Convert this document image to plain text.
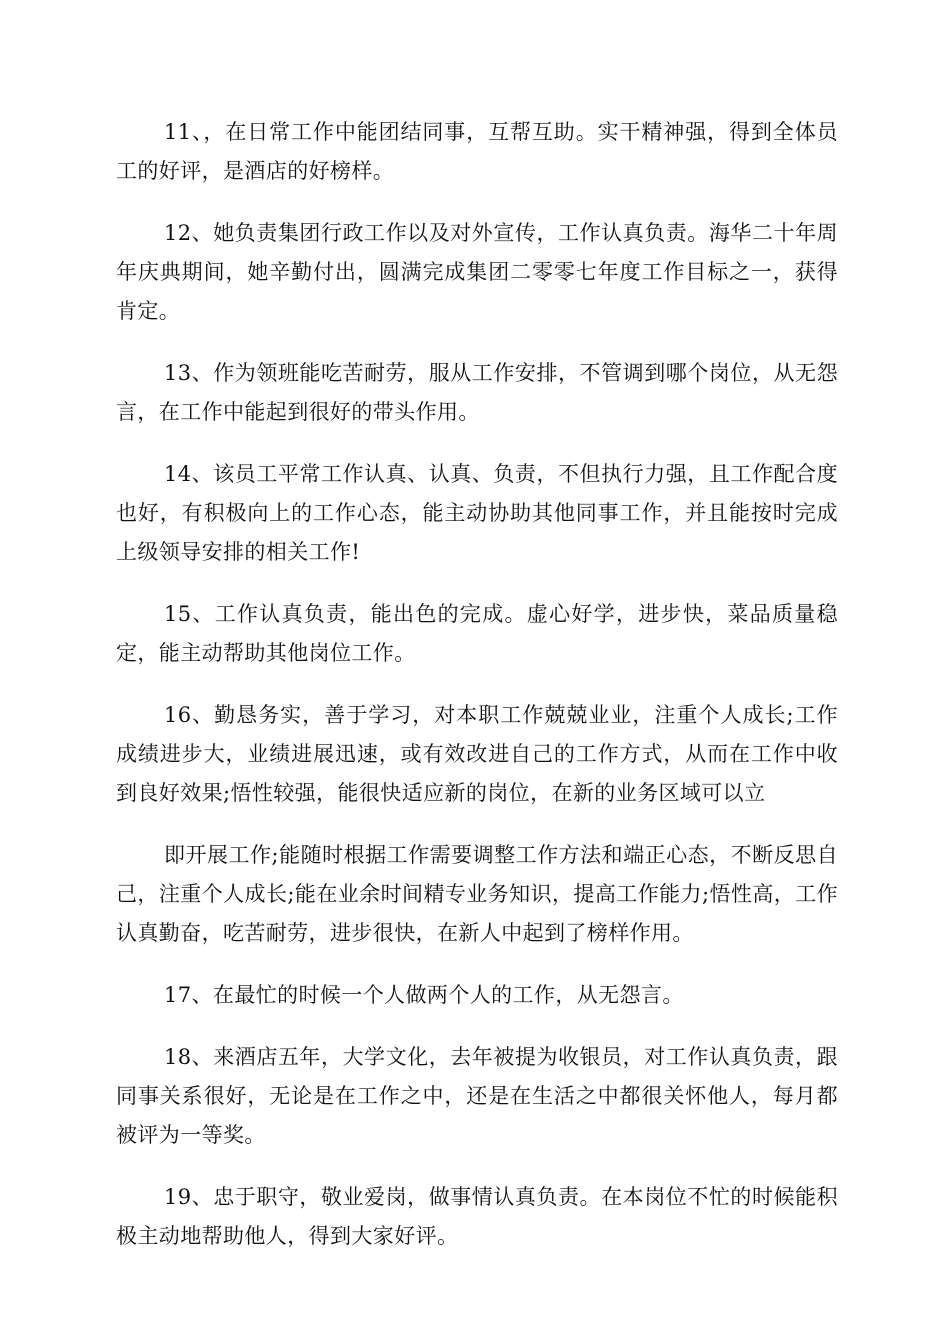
11、，在日常工作中能团结同事，互帮互助。实干精神强，得到全体员工的好评，是酒店的好榜样。

12、她负责集团行政工作以及对外宣传，工作认真负责。海华二十年周年庆典期间，她辛勤付出，圆满完成集团二零零七年度工作目标之一，获得肯定。

13、作为领班能吃苦耐劳，服从工作安排，不管调到哪个岗位，从无怨言，在工作中能起到很好的带头作用。

14、该员工平常工作认真、认真、负责，不但执行力强，且工作配合度也好，有积极向上的工作心态，能主动协助其他同事工作，并且能按时完成上级领导安排的相关工作!

15、工作认真负责，能出色的完成。虚心好学，进步快，菜品质量稳定，能主动帮助其他岗位工作。

16、勤恳务实，善于学习，对本职工作兢兢业业，注重个人成长;工作成绩进步大，业绩进展迅速，或有效改进自己的工作方式，从而在工作中收到良好效果;悟性较强，能很快适应新的岗位，在新的业务区域可以立

即开展工作;能随时根据工作需要调整工作方法和端正心态，不断反思自己，注重个人成长;能在业余时间精专业务知识，提高工作能力;悟性高，工作认真勤奋，吃苦耐劳，进步很快，在新人中起到了榜样作用。

17、在最忙的时候一个人做两个人的工作，从无怨言。

18、来酒店五年，大学文化，去年被提为收银员，对工作认真负责，跟同事关系很好，无论是在工作之中，还是在生活之中都很关怀他人，每月都被评为一等奖。

19、忠于职守，敬业爱岗，做事情认真负责。在本岗位不忙的时候能积极主动地帮助他人，得到大家好评。
